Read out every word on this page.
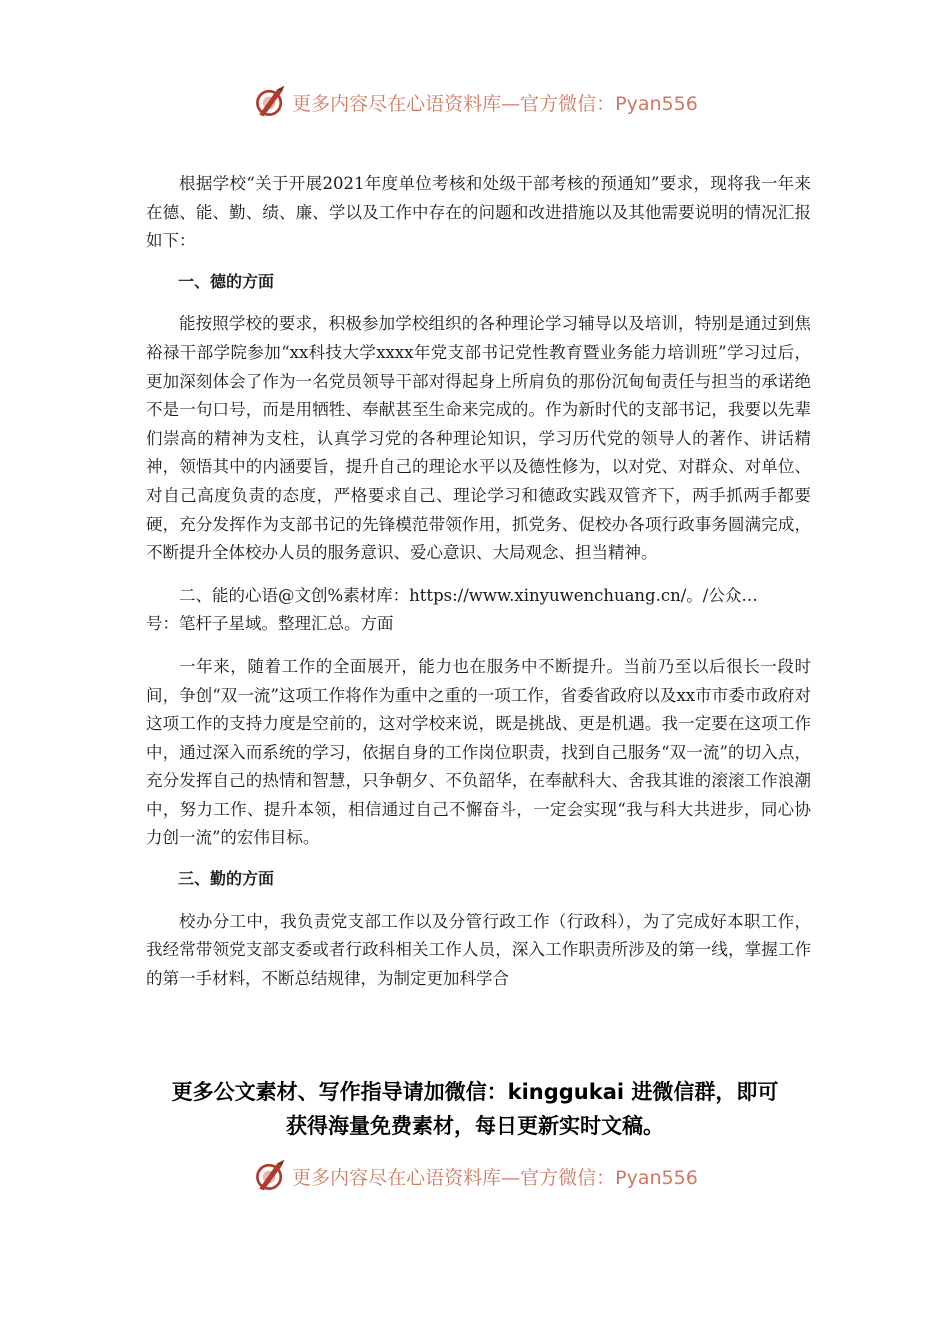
更多内容尽在心语资料库—官方微信：Pyan556

根据学校“关于开展2021年度单位考核和处级干部考核的预通知”要求，现将我一年来在德、能、勤、绩、廉、学以及工作中存在的问题和改进措施以及其他需要说明的情况汇报如下：

一、德的方面

能按照学校的要求，积极参加学校组织的各种理论学习辅导以及培训，特别是通过到焦裕禄干部学院参加“xx科技大学xxxx年党支部书记党性教育暨业务能力培训班”学习过后，更加深刻体会了作为一名党员领导干部对得起身上所肩负的那份沉甸甸责任与担当的承诺绝不是一句口号，而是用牺牲、奉献甚至生命来完成的。作为新时代的支部书记，我要以先辈们崇高的精神为支柱，认真学习党的各种理论知识，学习历代党的领导人的著作、讲话精神，领悟其中的内涵要旨，提升自己的理论水平以及德性修为，以对党、对群众、对单位、对自己高度负责的态度，严格要求自己、理论学习和德政实践双管齐下，两手抓两手都要硬，充分发挥作为支部书记的先锋模范带领作用，抓党务、促校办各项行政事务圆满完成，不断提升全体校办人员的服务意识、爱心意识、大局观念、担当精神。

二、能的心语@文创%素材库：https://www.xinyuwenchuang.cn/。/公众…

号：笔杆子星域。整理汇总。方面

一年来，随着工作的全面展开，能力也在服务中不断提升。当前乃至以后很长一段时间，争创“双一流”这项工作将作为重中之重的一项工作，省委省政府以及xx市市委市政府对这项工作的支持力度是空前的，这对学校来说，既是挑战、更是机遇。我一定要在这项工作中，通过深入而系统的学习，依据自身的工作岗位职责，找到自己服务“双一流”的切入点，充分发挥自己的热情和智慧，只争朝夕、不负韶华，在奉献科大、舍我其谁的滚滚工作浪潮中，努力工作、提升本领，相信通过自己不懈奋斗，一定会实现“我与科大共进步，同心协力创一流”的宏伟目标。

三、勤的方面

校办分工中，我负责党支部工作以及分管行政工作（行政科），为了完成好本职工作，我经常带领党支部支委或者行政科相关工作人员，深入工作职责所涉及的第一线，掌握工作的第一手材料，不断总结规律，为制定更加科学合

更多公文素材、写作指导请加微信：kinggukai 进微信群，即可
获得海量免费素材，每日更新实时文稿。
更多内容尽在心语资料库—官方微信：Pyan556
